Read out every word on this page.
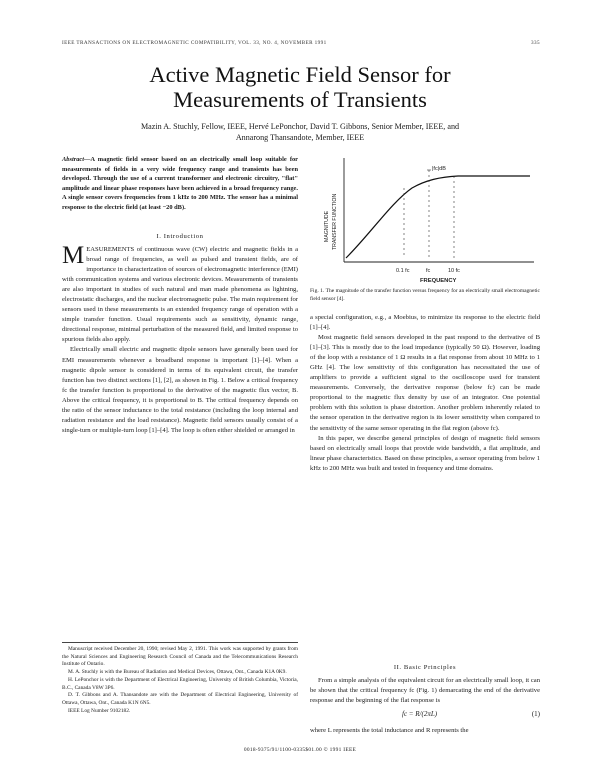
IEEE TRANSACTIONS ON ELECTROMAGNETIC COMPATIBILITY, VOL. 33, NO. 4, NOVEMBER 1991	335
Active Magnetic Field Sensor for
Measurements of Transients
Mazin A. Stuchly, Fellow, IEEE, Hervé LePonchor, David T. Gibbons, Senior Member, IEEE, and
Annarong Thansandote, Member, IEEE

Abstract—A magnetic field sensor based on an electrically small loop suitable for measurements of fields in a very wide frequency range and transients has been developed. Through the use of a current transformer and electronic circuitry, "flat" amplitude and linear phase responses have been achieved in a broad frequency range. A single sensor covers frequencies from 1 kHz to 200 MHz. The sensor has a minimal response to the electric field (at least −20 dB).

I. Introduction

MEASUREMENTS of continuous wave (CW) electric and magnetic fields in a broad range of frequencies, as well as pulsed and transient fields, are of importance in characterization of sources of electromagnetic interference (EMI) with communication systems and various electronic devices. Measurements of transients are also important in studies of such natural and man made phenomena as lightning, electrostatic discharges, and the nuclear electromagnetic pulse. The main requirement for sensors used in these measurements is an extended frequency range of operation with a simple transfer function. Usual requirements such as sensitivity, dynamic range, directional response, minimal perturbation of the measured field, and limited response to spurious fields also apply.

Electrically small electric and magnetic dipole sensors have generally been used for EMI measurements whenever a broadband response is important [1]–[4]. When a magnetic dipole sensor is considered in terms of its equivalent circuit, the transfer function has two distinct sections [1], [2], as shown in Fig. 1. Below a critical frequency fc the transfer function is proportional to the derivative of the magnetic flux vector, B. Above the critical frequency, it is proportional to B. The critical frequency depends on the ratio of the sensor inductance to the total resistance (including the loop internal and radiation resistance and the load resistance). Magnetic field sensors usually consist of a single-turn or multiple-turn loop [1]–[4]. The loop is often either shielded or arranged in

Manuscript received December 20, 1990; revised May 2, 1991. This work was supported by grants from the Natural Sciences and Engineering Research Council of Canada and the Telecommunications Research Institute of Ontario.

M. A. Stuchly is with the Bureau of Radiation and Medical Devices, Ottawa, Ont., Canada K1A 0K9.

H. LePonchor is with the Department of Electrical Engineering, University of British Columbia, Victoria, B.C., Canada V8W 3P6.

D. T. Gibbons and A. Thansandote are with the Department of Electrical Engineering, University of Ottawa, Ottawa, Ont., Canada K1N 6N5.

IEEE Log Number 9102182.

|fc|dB
MAGNITUDE TRANSFER FUNCTION
0.1 fc	fc	10 fc
FREQUENCY
Fig. 1. The magnitude of the transfer function versus frequency for an electrically small electromagnetic field sensor [4].

a special configuration, e.g., a Moebius, to minimize its response to the electric field [1]–[4].

Most magnetic field sensors developed in the past respond to the derivative of B [1]–[3]. This is mostly due to the load impedance (typically 50 Ω). However, loading of the loop with a resistance of 1 Ω results in a flat response from about 10 MHz to 1 GHz [4]. The low sensitivity of this configuration has necessitated the use of amplifiers to provide a sufficient signal to the oscilloscope used for transient measurements. Conversely, the derivative response (below fc) can be made proportional to the magnetic flux density by use of an integrator. One potential problem with this solution is phase distortion. Another problem inherently related to the sensor operation in the derivative region is its lower sensitivity when compared to the sensitivity of the same sensor operating in the flat region (above fc).

In this paper, we describe general principles of design of magnetic field sensors based on electrically small loops that provide wide bandwidth, a flat amplitude, and linear phase characteristics. Based on these principles, a sensor operating from below 1 kHz to 200 MHz was built and tested in frequency and time domains.

II. Basic Principles

From a simple analysis of the equivalent circuit for an electrically small loop, it can be shown that the critical frequency fc (Fig. 1) demarcating the end of the derivative response and the beginning of the flat response is

fc = R/(2πL)	(1)
where L represents the total inductance and R represents the
0018-9375/91/1100-0335$01.00 © 1991 IEEE
